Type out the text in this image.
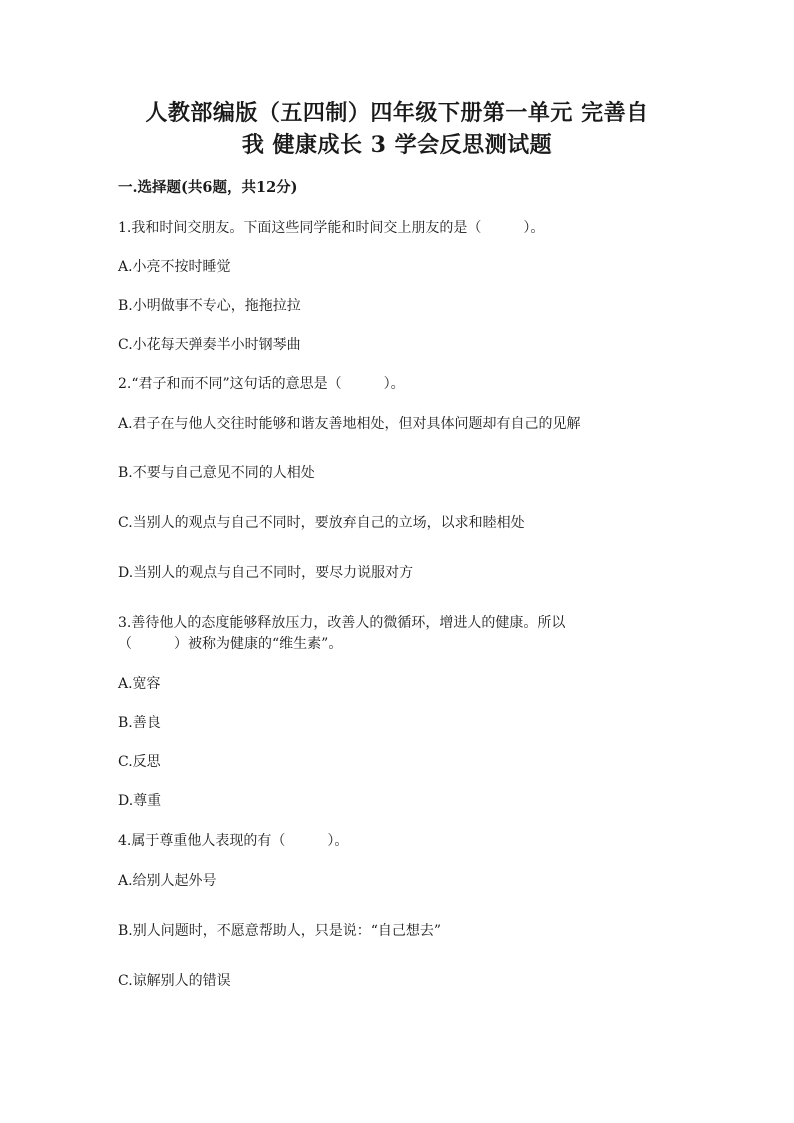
人教部编版（五四制）四年级下册第一单元 完善自
我 健康成长 3 学会反思测试题
一.选择题(共6题，共12分)
1.我和时间交朋友。下面这些同学能和时间交上朋友的是（　　　）。
A.小亮不按时睡觉
B.小明做事不专心，拖拖拉拉
C.小花每天弹奏半小时钢琴曲
2.“君子和而不同”这句话的意思是（　　　）。
A.君子在与他人交往时能够和谐友善地相处，但对具体问题却有自己的见解
B.不要与自己意见不同的人相处
C.当别人的观点与自己不同时，要放弃自己的立场，以求和睦相处
D.当别人的观点与自己不同时，要尽力说服对方
3.善待他人的态度能够释放压力，改善人的微循环，增进人的健康。所以
（　　　）被称为健康的“维生素”。
A.宽容
B.善良
C.反思
D.尊重
4.属于尊重他人表现的有（　　　）。
A.给别人起外号
B.别人问题时，不愿意帮助人，只是说：“自己想去”
C.谅解别人的错误
